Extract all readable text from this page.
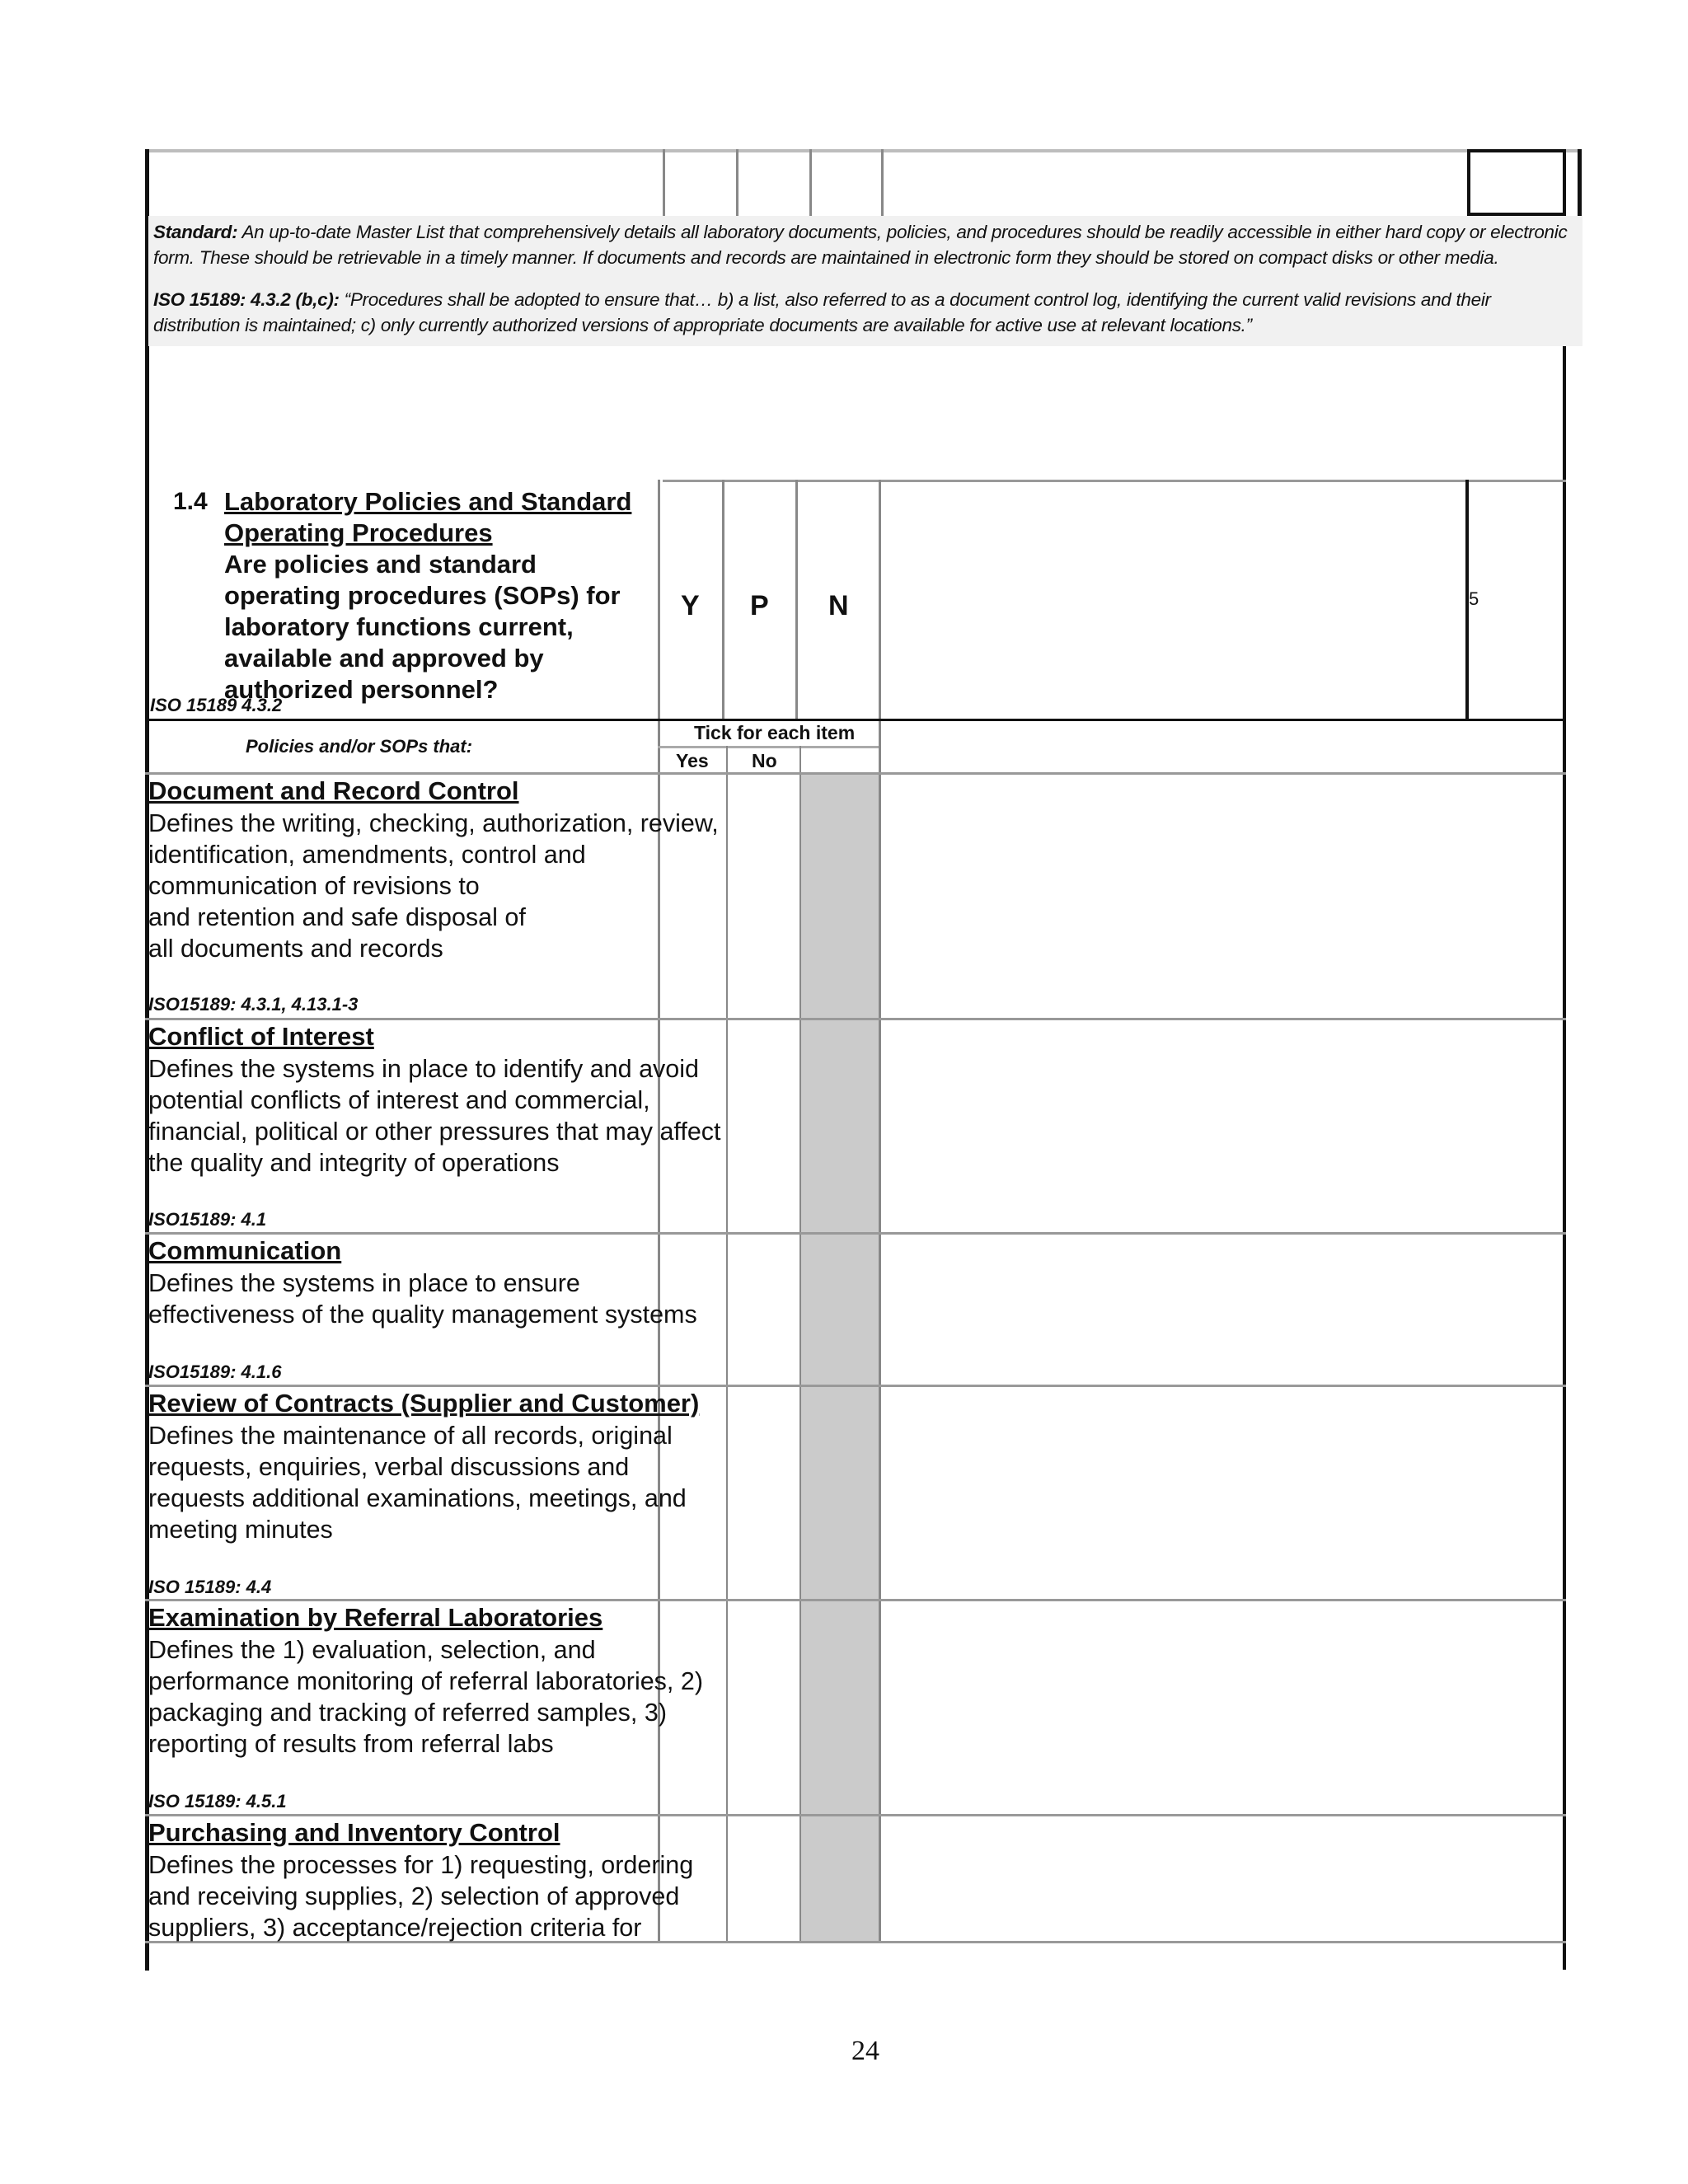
Standard: An up-to-date Master List that comprehensively details all laboratory documents, policies, and procedures should be readily accessible in either hard copy or electronic form. These should be retrievable in a timely manner. If documents and records are maintained in electronic form they should be stored on compact disks or other media.

ISO 15189: 4.3.2 (b,c): “Procedures shall be adopted to ensure that… b) a list, also referred to as a document control log, identifying the current valid revisions and their distribution is maintained; c) only currently authorized versions of appropriate documents are available for active use at relevant locations.”

1.4 Laboratory Policies and Standard Operating Procedures
Are policies and standard operating procedures (SOPs) for laboratory functions current, available and approved by authorized personnel?
ISO 15189 4.3.2
Y P N	5
Policies and/or SOPs that:
Tick for each item
Yes No
Document and Record Control
Defines the writing, checking, authorization, review,
identification, amendments, control and
communication of revisions to
and retention and safe disposal of
all documents and records
ISO15189: 4.3.1, 4.13.1-3
Conflict of Interest
Defines the systems in place to identify and avoid
potential conflicts of interest and commercial,
financial, political or other pressures that may affect
the quality and integrity of operations
ISO15189: 4.1
Communication
Defines the systems in place to ensure
effectiveness of the quality management systems
ISO15189: 4.1.6
Review of Contracts (Supplier and Customer)
Defines the maintenance of all records, original
requests, enquiries, verbal discussions and
requests additional examinations, meetings, and
meeting minutes
ISO 15189: 4.4
Examination by Referral Laboratories
Defines the 1) evaluation, selection, and
performance monitoring of referral laboratories, 2)
packaging and tracking of referred samples, 3)
reporting of results from referral labs
ISO 15189: 4.5.1
Purchasing and Inventory Control
Defines the processes for 1) requesting, ordering
and receiving supplies, 2) selection of approved
suppliers, 3) acceptance/rejection criteria for
24
